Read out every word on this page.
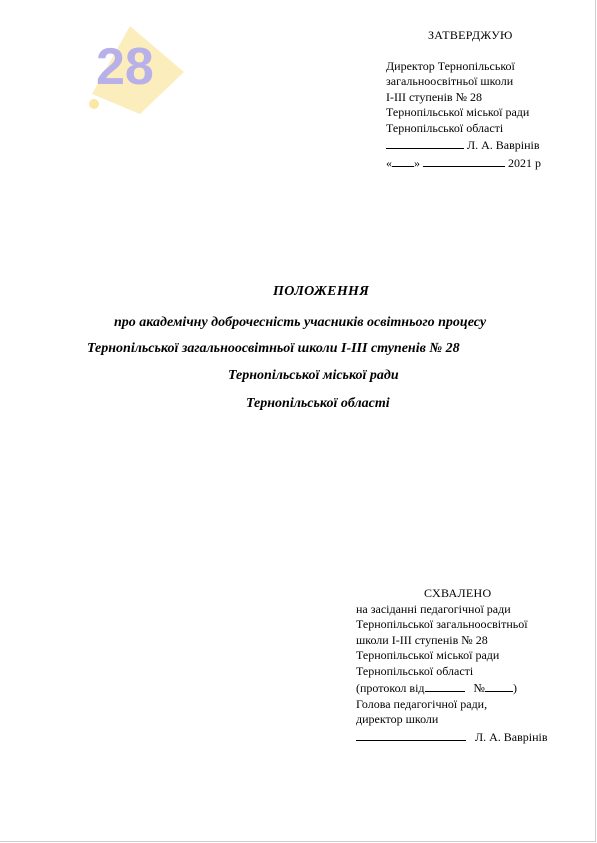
28
ЗАТВЕРДЖУЮ
Директор Тернопільської
загальноосвітньої школи
І-ІІІ ступенів № 28
Тернопільської міської ради
Тернопільської області
Л. А. Ваврінів
« »	2021 р
ПОЛОЖЕННЯ
про академічну доброчесність учасників освітнього процесу
Тернопільської загальноосвітньої школи І-ІІІ ступенів № 28
Тернопільської міської ради
Тернопільської області
СХВАЛЕНО
на засіданні педагогічної ради
Тернопільської загальноосвітньої
школи І-ІІІ ступенів № 28
Тернопільської міської ради
Тернопільської області
(протокол від	№ )
Голова педагогічної ради,
директор школи
Л. А. Ваврінів
